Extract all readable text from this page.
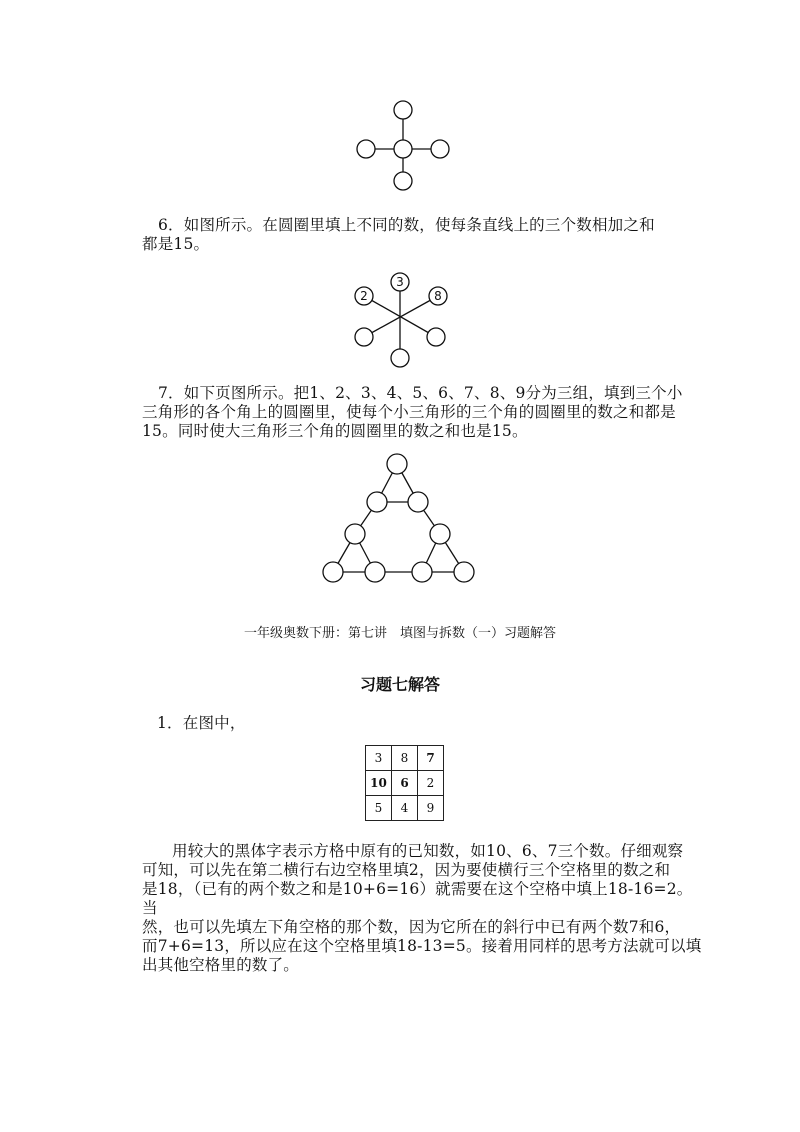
6．如图所示。在圆圈里填上不同的数，使每条直线上的三个数相加之和
都是15。
3
2	8
7．如下页图所示。把1、2、3、4、5、6、7、8、9分为三组，填到三个小
三角形的各个角上的圆圈里，使每个小三角形的三个角的圆圈里的数之和都是
15。同时使大三角形三个角的圆圈里的数之和也是15。
一年级奥数下册：第七讲　填图与拆数（一）习题解答
习题七解答
1．在图中，
3	8	7
10	6	2
5	4	9
用较大的黑体字表示方格中原有的已知数，如10、6、7三个数。仔细观察
可知，可以先在第二横行右边空格里填2，因为要使横行三个空格里的数之和
是18，（已有的两个数之和是10+6=16）就需要在这个空格中填上18-16=2。当
然，也可以先填左下角空格的那个数，因为它所在的斜行中已有两个数7和6，
而7+6=13，所以应在这个空格里填18-13=5。接着用同样的思考方法就可以填
出其他空格里的数了。
